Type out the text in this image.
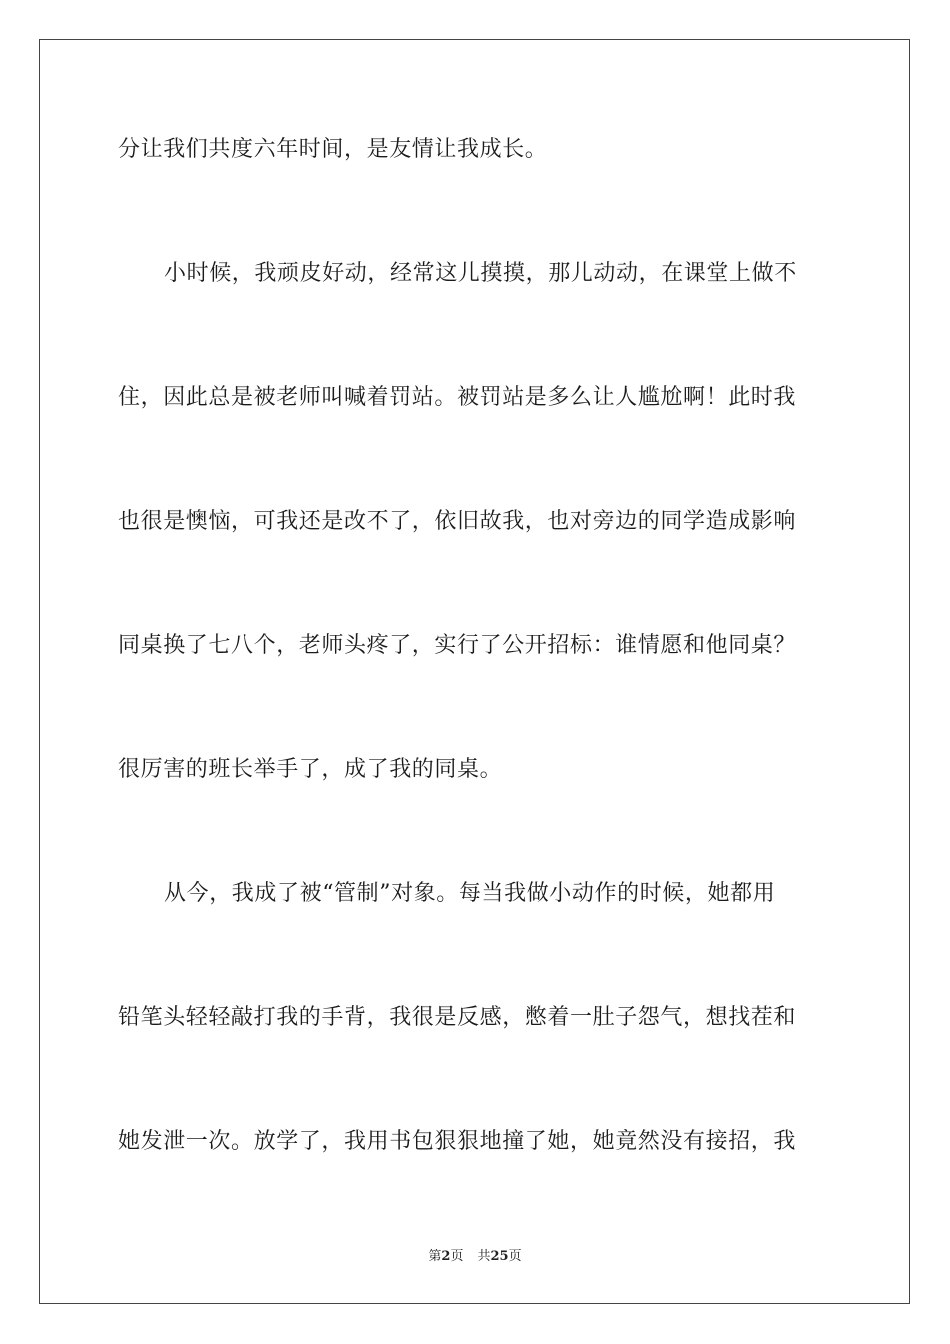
分让我们共度六年时间，是友情让我成长。
小时候，我顽皮好动，经常这儿摸摸，那儿动动，在课堂上做不
住，因此总是被老师叫喊着罚站。被罚站是多么让人尴尬啊！此时我
也很是懊恼，可我还是改不了，依旧故我，也对旁边的同学造成影响
同桌换了七八个，老师头疼了，实行了公开招标：谁情愿和他同桌？
很厉害的班长举手了，成了我的同桌。
从今，我成了被“管制”对象。每当我做小动作的时候，她都用
铅笔头轻轻敲打我的手背，我很是反感，憋着一肚子怨气，想找茬和
她发泄一次。放学了，我用书包狠狠地撞了她，她竟然没有接招，我
第2页 共25页
